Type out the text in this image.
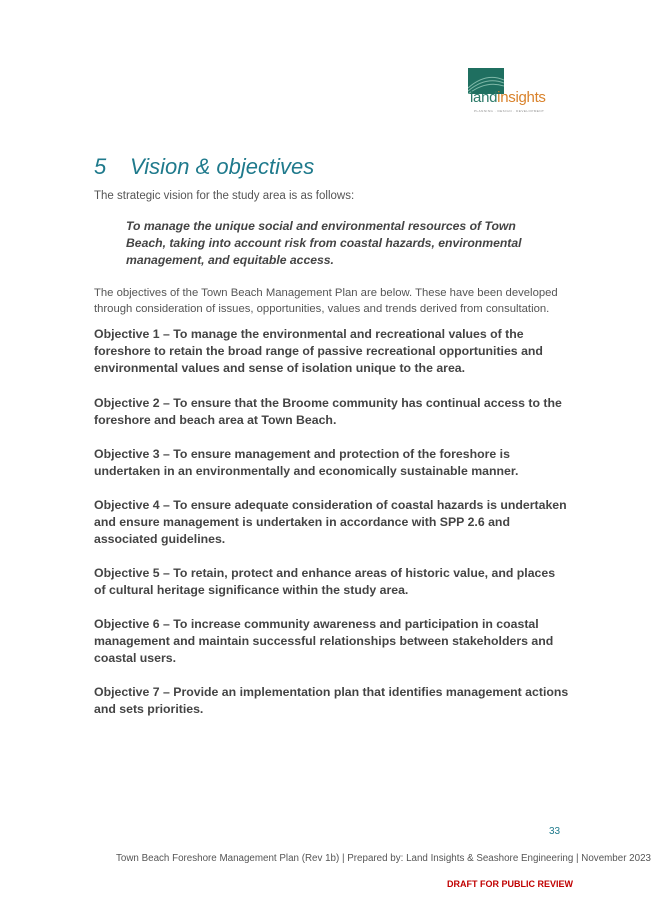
landinsights
PLANNING · DESIGN · DEVELOPMENT
5 Vision & objectives

The strategic vision for the study area is as follows:

To manage the unique social and environmental resources of Town Beach, taking into account risk from coastal hazards, environmental management, and equitable access.

The objectives of the Town Beach Management Plan are below. These have been developed through consideration of issues, opportunities, values and trends derived from consultation.

Objective 1 – To manage the environmental and recreational values of the foreshore to retain the broad range of passive recreational opportunities and environmental values and sense of isolation unique to the area.
Objective 2 – To ensure that the Broome community has continual access to the foreshore and beach area at Town Beach.
Objective 3 – To ensure management and protection of the foreshore is undertaken in an environmentally and economically sustainable manner.
Objective 4 – To ensure adequate consideration of coastal hazards is undertaken and ensure management is undertaken in accordance with SPP 2.6 and associated guidelines.
Objective 5 – To retain, protect and enhance areas of historic value, and places of cultural heritage significance within the study area.
Objective 6 – To increase community awareness and participation in coastal management and maintain successful relationships between stakeholders and coastal users.
Objective 7 – Provide an implementation plan that identifies management actions and sets priorities.

33

Town Beach Foreshore Management Plan (Rev 1b) | Prepared by: Land Insights & Seashore Engineering | November 2023

DRAFT FOR PUBLIC REVIEW
